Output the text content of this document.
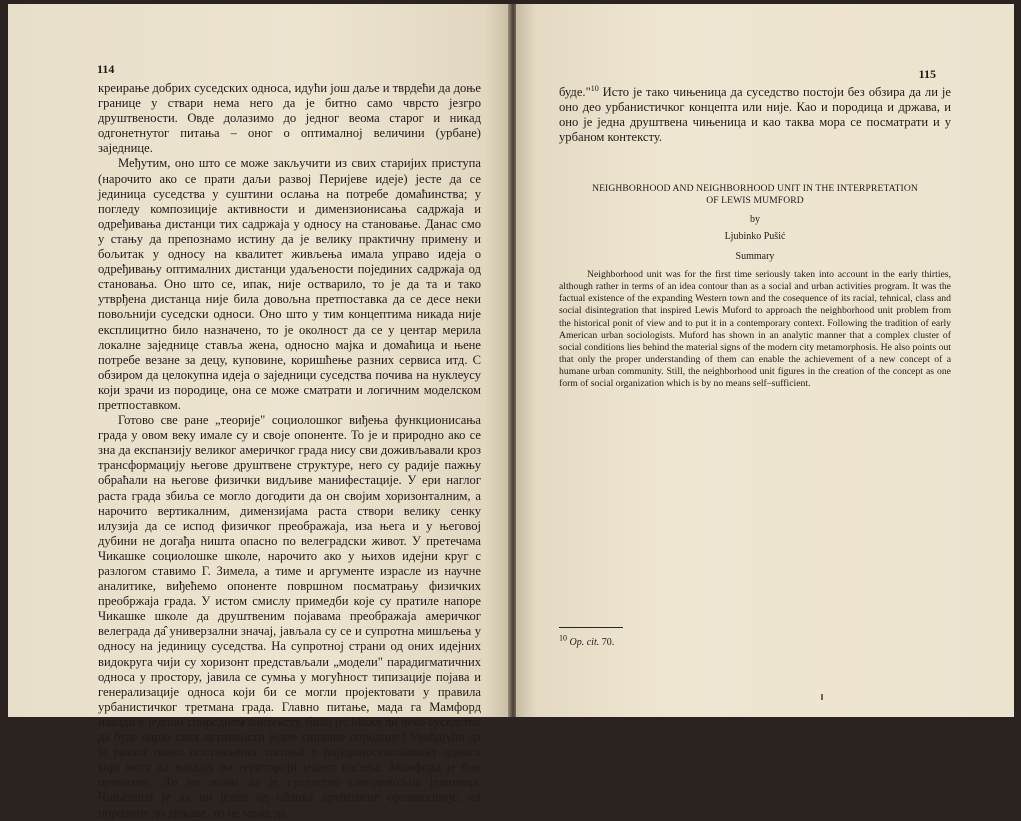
114

креирање добрих суседских односа, идући још даље и тврдећи да доње границе у ствари нема него да је битно само чврсто језгро друштвености. Овде долазимо до једног веома старог и никад одгонетнутог питања – оног о оптималној величини (урбане) заједнице.

Међутим, оно што се може закључити из свих старијих приступа (нарочито ако се прати даљи развој Перијеве идеје) јесте да се јединица суседства у суштини ослања на потребе домаћинства; у погледу композиције активности и димензионисања садржаја и одређивања дистанци тих садржаја у односу на становање. Данас смо у стању да препознамо истину да је велику практичну примену и бољитак у односу на квалитет живљења имала управо идеја о одређивању оптималних дистанци удаљености појединих садржаја од становања. Оно што се, ипак, није остварило, то је да та и тако утврђена дистанца није била довољна претпоставка да се десе неки повољнији суседски односи. Оно што у тим концептима никада није експлицитно било назначено, то је околност да се у центар мерила локалне заједнице ставља жена, односно мајка и домаћица и њене потребе везане за децу, куповине, коришћење разних сервиса итд. С обзиром да целокупна идеја о заједници суседства почива на нуклеусу који зрачи из породице, она се може сматрати и логичним моделском претпоставком.

Готово све ране „теорије" социолошког виђења функционисања града у овом веку имале су и своје опоненте. То је и природно ако се зна да експанзију великог америчког града нису сви доживљавали кроз трансформацију његове друштвене структуре, него су радије пажњу обраћали на његове физички видљиве манифестације. У ери наглог раста града збиља се могло догодити да он својим хоризонталним, а нарочито вертикалним, димензијама раста створи велику сенку илузија да се испод физичког преображаја, иза њега и у његовој дубини не догађа ништа опасно по велеградски живот. У претечама Чикашке социолошке школе, нарочито ако у њихов идејни круг с разлогом ставимо Г. Зимела, а тиме и аргументе израсле из научне аналитике, виђећемо опоненте површном посматрању физичких преобржаја града. У истом смислу примедби које су пратиле напоре Чикашке школе да друштвеним појавама преображаја америчког велеграда да̂ универзални значај, јављала су се и супротна мишљења у односу на јединицу суседства. На супротној страни од оних идејних видокруга чији су хоризонт представљали „модели" парадигматичних односа у простору, јавила се сумња у могућност типизације појава и генерализације односа који би се могли пројектовати у правила урбанистичког третмана града. Главно питање, мада га Мамфорд наводи у једном споредном контексту, било је: Може ли неко суседство да буде одраз свих активности једне типичне породице? Увиђајући да је разлог овако постављеног питања у појединостављивању односа који могу да владају на територији једног насеља. Мамфорд је био прецизан: „То не значи да је суседство самодовољна јединица. Чињеница је да ни један од облика друштвене организације, од породице до државе, то не може да

115

буде."$^{10}$ Исто је тако чињеница да суседство постоји без обзира да ли је оно део урбанистичког концепта или није. Као и породица и држава, и оно је једна друштвена чињеница и као таква мора се посматрати и у урбаном контексту.

NEIGHBORHOOD AND NEIGHBORHOOD UNIT IN THE INTERPRETATION
OF LEWIS MUMFORD
by
Ljubinko Pušić
Summary

Neighborhood unit was for the first time seriously taken into account in the early thirties, although rather in terms of an idea contour than as a social and urban activities program. It was the factual existence of the expanding Western town and the cosequence of its racial, tehnical, class and social disintegration that inspired Lewis Muford to approach the neighborhood unit problem from the historical ponit of view and to put it in a contemporary context. Following the tradition of early American urban sociologists. Muford has shown in an analytic manner that a complex cluster of social conditions lies behind the material signs of the modern city metamorphosis. He also points out that only the proper understanding of them can enable the achievement of a new concept of a humane urban community. Still, the neighborhood unit figures in the creation of the concept as one form of social organization which is by no means self–sufficient.

$^{10}$ Op. cit. 70.
